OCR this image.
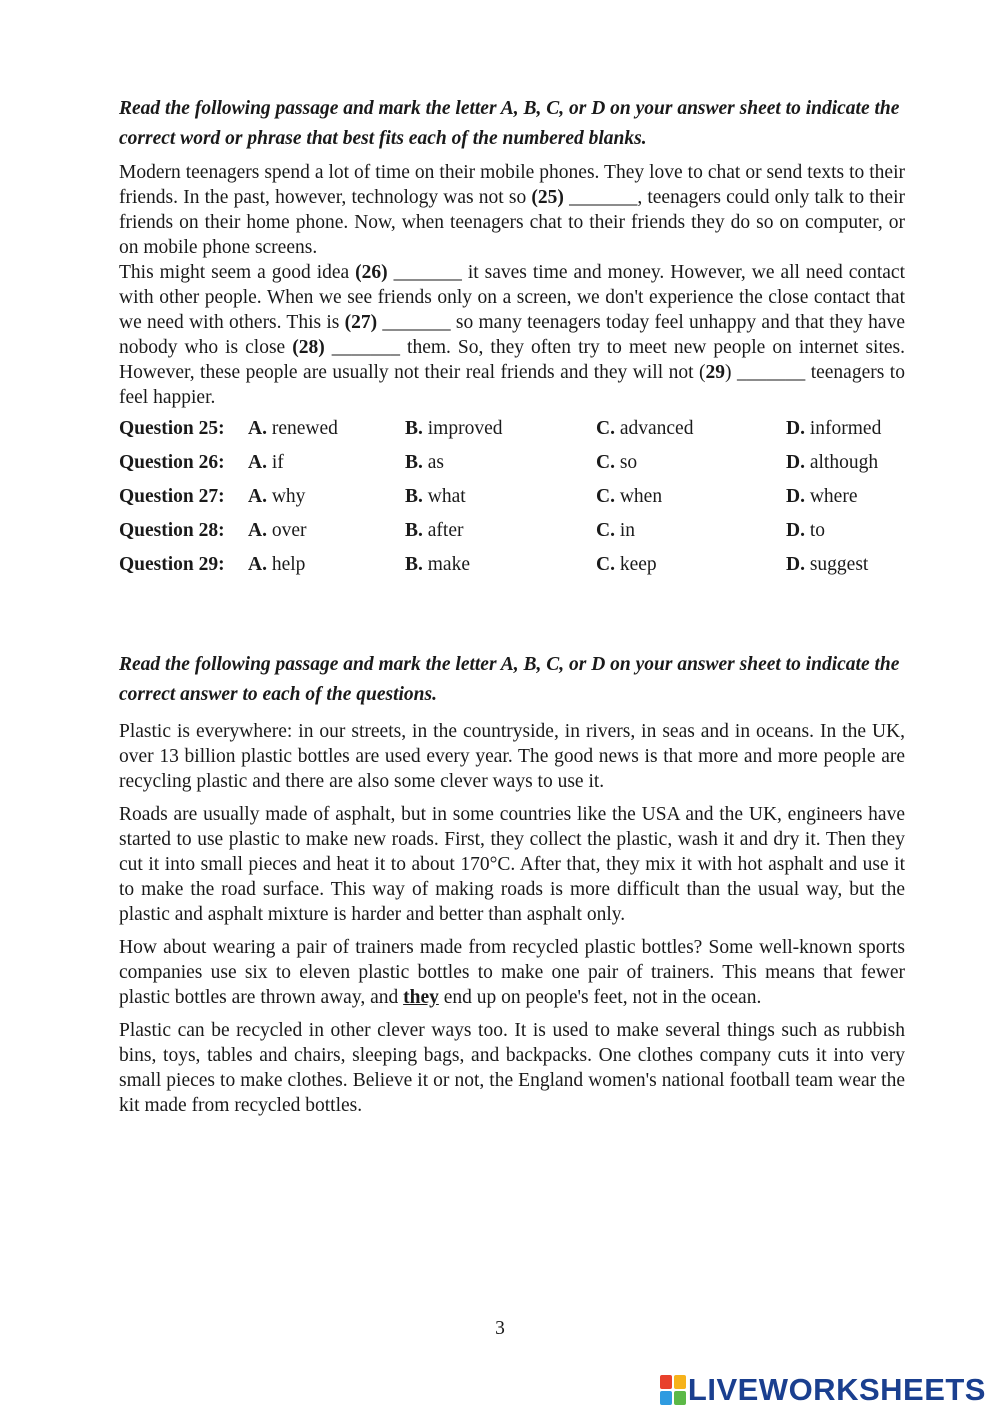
Read the following passage and mark the letter A, B, C, or D on your answer sheet to indicate the correct word or phrase that best fits each of the numbered blanks.

Modern teenagers spend a lot of time on their mobile phones. They love to chat or send texts to their friends. In the past, however, technology was not so (25) _______, teenagers could only talk to their friends on their home phone. Now, when teenagers chat to their friends they do so on computer, or on mobile phone screens.

This might seem a good idea (26) _______ it saves time and money. However, we all need contact with other people. When we see friends only on a screen, we don't experience the close contact that we need with others. This is (27) _______ so many teenagers today feel unhappy and that they have nobody who is close (28) _______ them. So, they often try to meet new people on internet sites. However, these people are usually not their real friends and they will not (29) _______ teenagers to feel happier.

Question 25:	A. renewed	B. improved	C. advanced	D. informed
Question 26:	A. if	B. as	C. so	D. although
Question 27:	A. why	B. what	C. when	D. where
Question 28:	A. over	B. after	C. in	D. to
Question 29:	A. help	B. make	C. keep	D. suggest

Read the following passage and mark the letter A, B, C, or D on your answer sheet to indicate the correct answer to each of the questions.

Plastic is everywhere: in our streets, in the countryside, in rivers, in seas and in oceans. In the UK, over 13 billion plastic bottles are used every year. The good news is that more and more people are recycling plastic and there are also some clever ways to use it.

Roads are usually made of asphalt, but in some countries like the USA and the UK, engineers have started to use plastic to make new roads. First, they collect the plastic, wash it and dry it. Then they cut it into small pieces and heat it to about 170°C. After that, they mix it with hot asphalt and use it to make the road surface. This way of making roads is more difficult than the usual way, but the plastic and asphalt mixture is harder and better than asphalt only.

How about wearing a pair of trainers made from recycled plastic bottles? Some well-known sports companies use six to eleven plastic bottles to make one pair of trainers. This means that fewer plastic bottles are thrown away, and they end up on people's feet, not in the ocean.

Plastic can be recycled in other clever ways too. It is used to make several things such as rubbish bins, toys, tables and chairs, sleeping bags, and backpacks. One clothes company cuts it into very small pieces to make clothes. Believe it or not, the England women's national football team wear the kit made from recycled bottles.

3
LIVEWORKSHEETS
